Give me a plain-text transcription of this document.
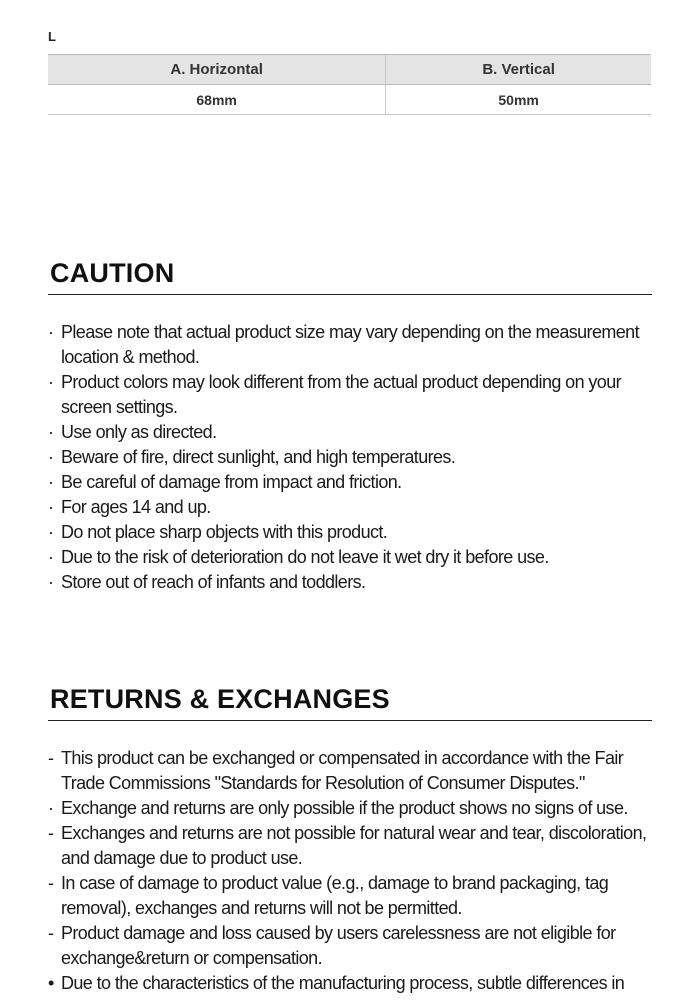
L
A. Horizontal	B. Vertical
68mm	50mm
CAUTION
· Please note that actual product size may vary depending on the measurement location & method.
· Product colors may look different from the actual product depending on your screen settings.
· Use only as directed.
· Beware of fire, direct sunlight, and high temperatures.
· Be careful of damage from impact and friction.
· For ages 14 and up.
· Do not place sharp objects with this product.
· Due to the risk of deterioration do not leave it wet dry it before use.
· Store out of reach of infants and toddlers.
RETURNS & EXCHANGES
- This product can be exchanged or compensated in accordance with the Fair Trade Commissions "Standards for Resolution of Consumer Disputes."
· Exchange and returns are only possible if the product shows no signs of use.
- Exchanges and returns are not possible for natural wear and tear, discoloration, and damage due to product use.
- In case of damage to product value (e.g., damage to brand packaging, tag removal), exchanges and returns will not be permitted.
- Product damage and loss caused by users carelessness are not eligible for exchange&return or compensation.
• Due to the characteristics of the manufacturing process, subtle differences in
